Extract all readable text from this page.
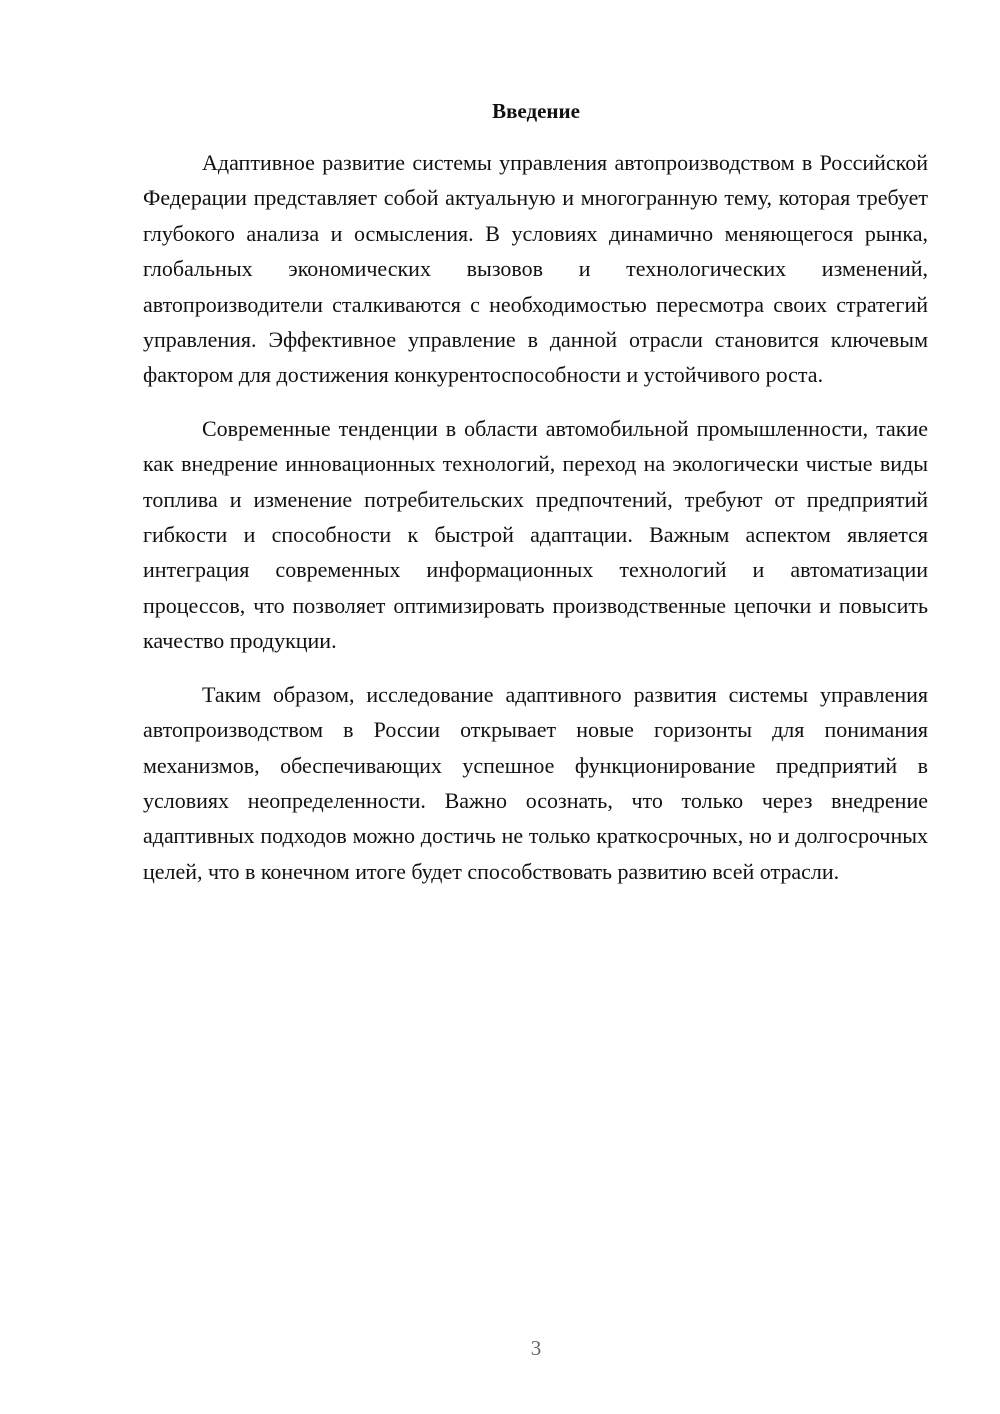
Введение

Адаптивное развитие системы управления автопроизводством в Российской Федерации представляет собой актуальную и многогранную тему, которая требует глубокого анализа и осмысления. В условиях динамично меняющегося рынка, глобальных экономических вызовов и технологических изменений, автопроизводители сталкиваются с необходимостью пересмотра своих стратегий управления. Эффективное управление в данной отрасли становится ключевым фактором для достижения конкурентоспособности и устойчивого роста.

Современные тенденции в области автомобильной промышленности, такие как внедрение инновационных технологий, переход на экологически чистые виды топлива и изменение потребительских предпочтений, требуют от предприятий гибкости и способности к быстрой адаптации. Важным аспектом является интеграция современных информационных технологий и автоматизации процессов, что позволяет оптимизировать производственные цепочки и повысить качество продукции.

Таким образом, исследование адаптивного развития системы управления автопроизводством в России открывает новые горизонты для понимания механизмов, обеспечивающих успешное функционирование предприятий в условиях неопределенности. Важно осознать, что только через внедрение адаптивных подходов можно достичь не только краткосрочных, но и долгосрочных целей, что в конечном итоге будет способствовать развитию всей отрасли.

3
